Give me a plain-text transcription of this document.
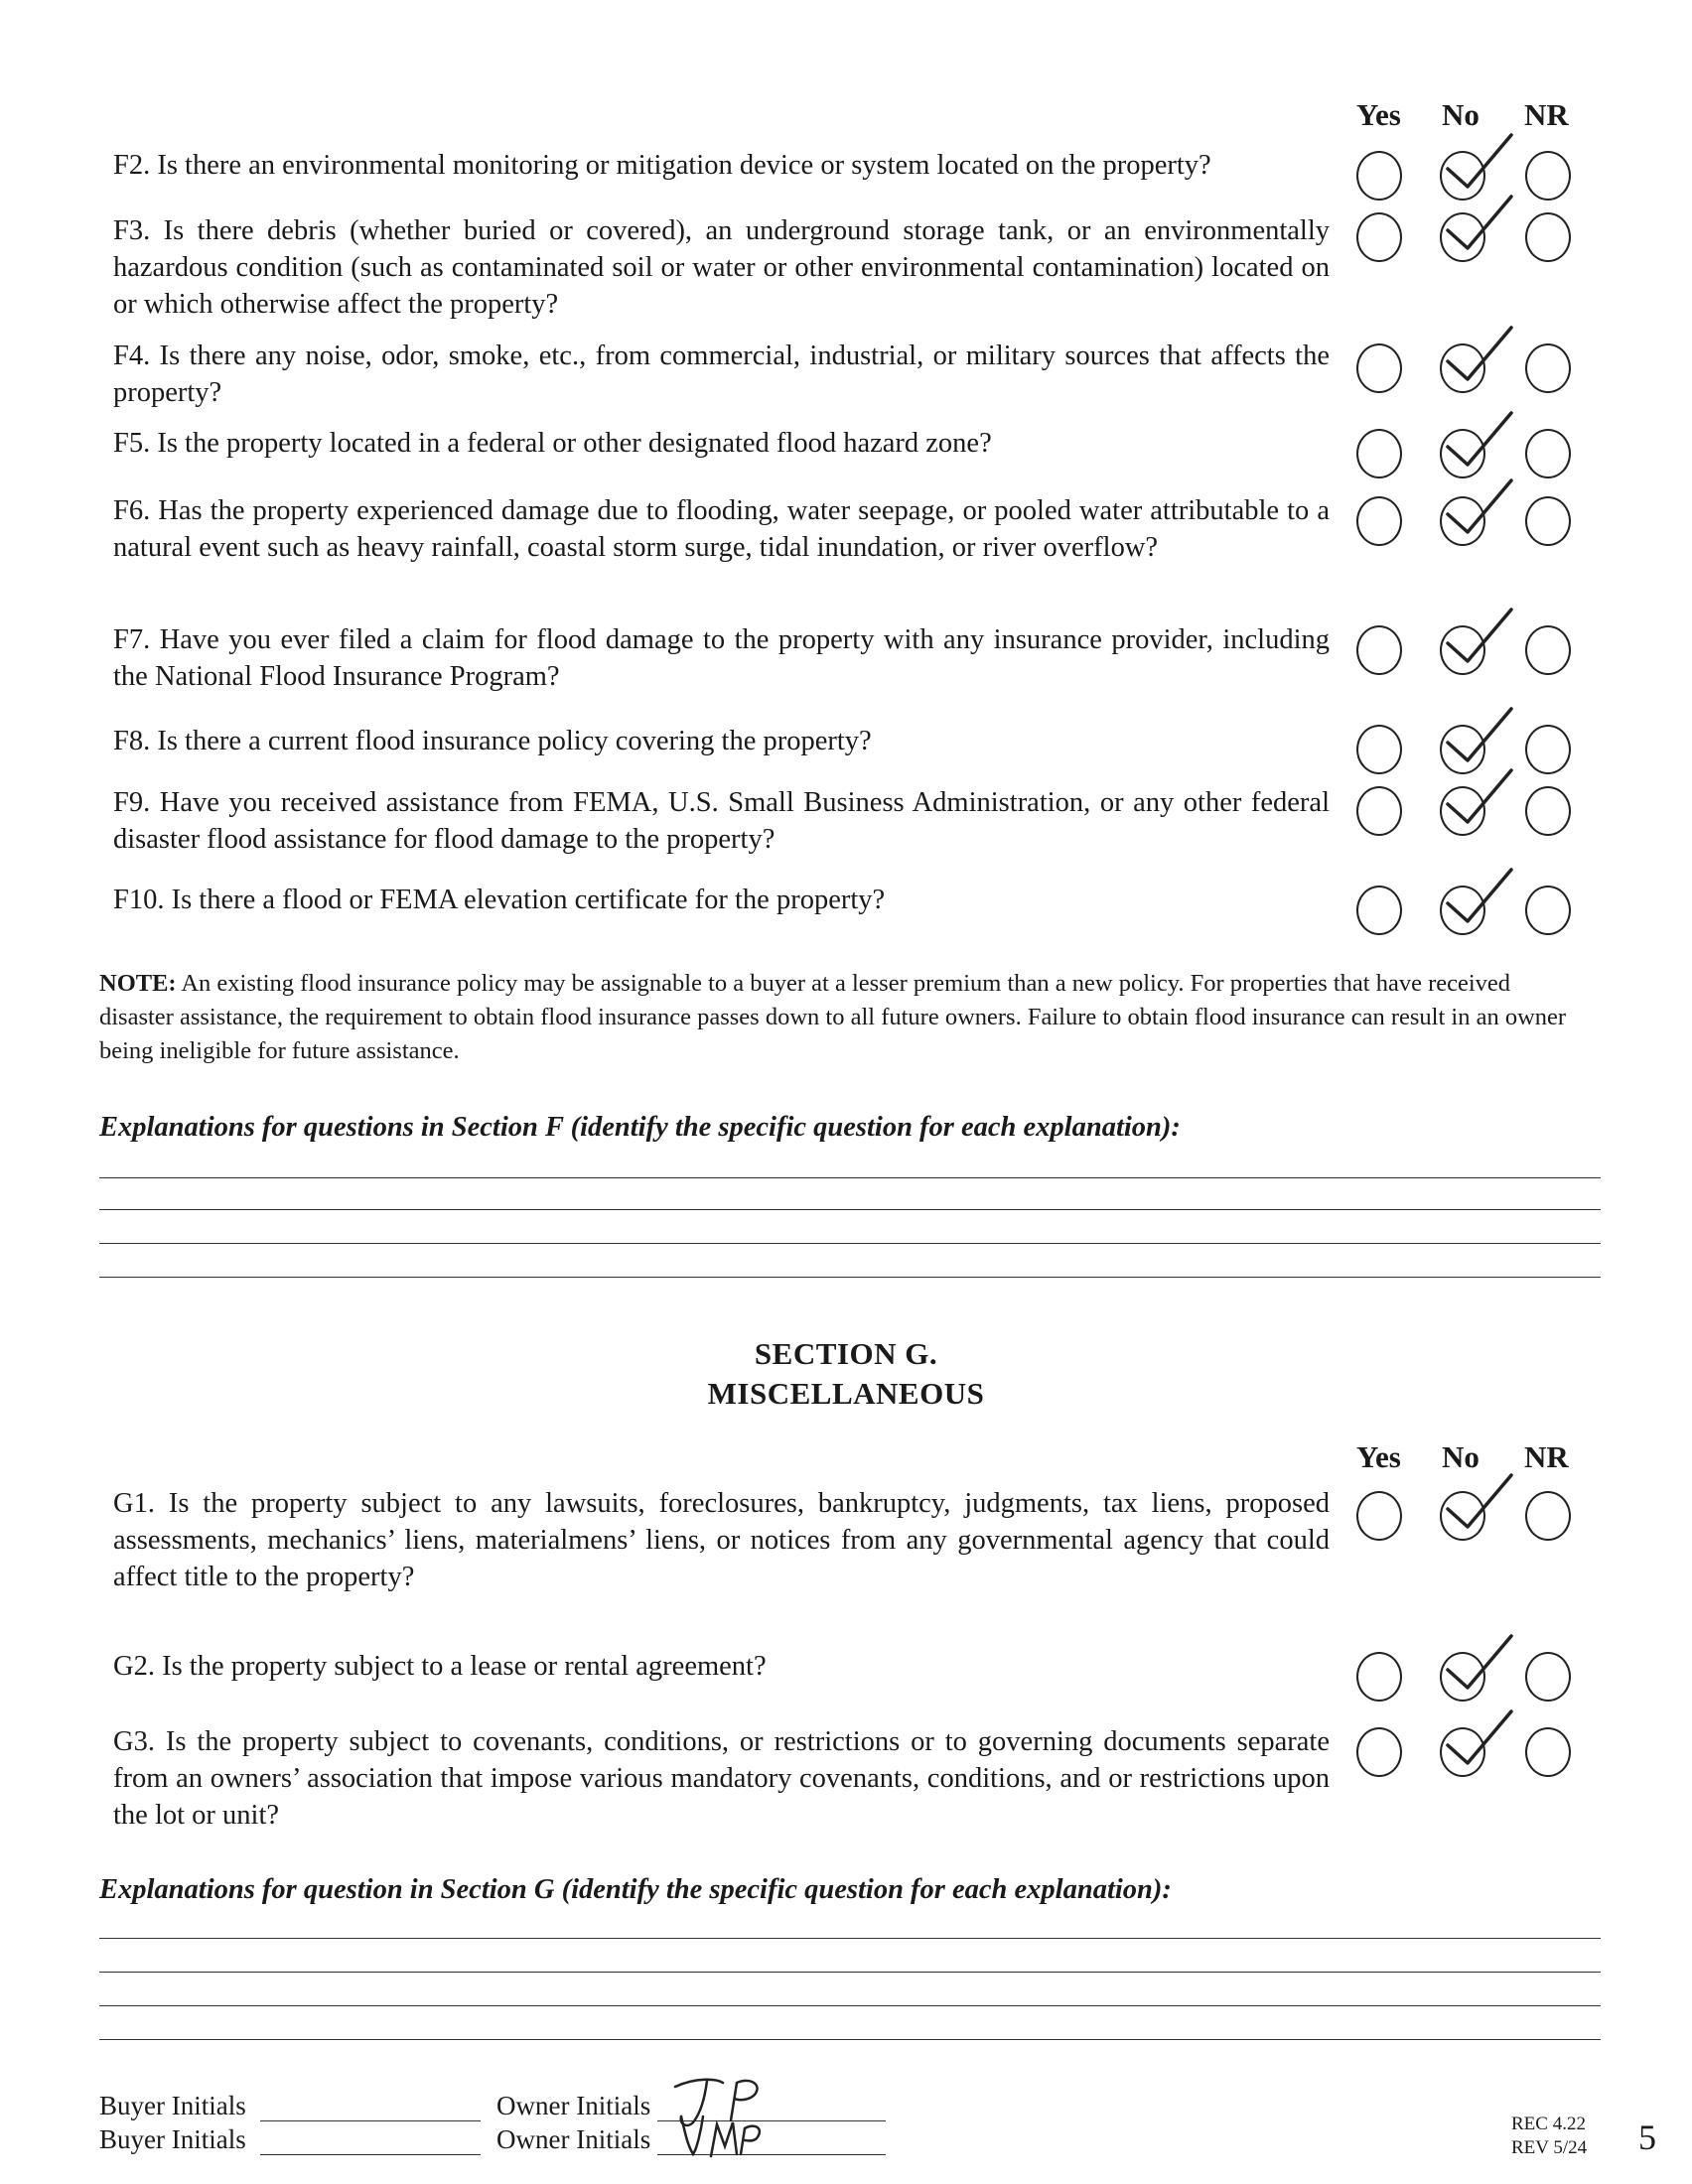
Yes No NR
F2. Is there an environmental monitoring or mitigation device or system located on the property?
F3. Is there debris (whether buried or covered), an underground storage tank, or an environmentally hazardous condition (such as contaminated soil or water or other environmental contamination) located on or which otherwise affect the property?
F4. Is there any noise, odor, smoke, etc., from commercial, industrial, or military sources that affects the property?
F5. Is the property located in a federal or other designated flood hazard zone?
F6. Has the property experienced damage due to flooding, water seepage, or pooled water attributable to a natural event such as heavy rainfall, coastal storm surge, tidal inundation, or river overflow?
F7. Have you ever filed a claim for flood damage to the property with any insurance provider, including the National Flood Insurance Program?
F8. Is there a current flood insurance policy covering the property?
F9. Have you received assistance from FEMA, U.S. Small Business Administration, or any other federal disaster flood assistance for flood damage to the property?
F10. Is there a flood or FEMA elevation certificate for the property?
NOTE: An existing flood insurance policy may be assignable to a buyer at a lesser premium than a new policy. For properties that have received disaster assistance, the requirement to obtain flood insurance passes down to all future owners. Failure to obtain flood insurance can result in an owner being ineligible for future assistance.
Explanations for questions in Section F (identify the specific question for each explanation):
SECTION G.
MISCELLANEOUS
Yes No NR
G1. Is the property subject to any lawsuits, foreclosures, bankruptcy, judgments, tax liens, proposed assessments, mechanics’ liens, materialmens’ liens, or notices from any governmental agency that could affect title to the property?
G2. Is the property subject to a lease or rental agreement?
G3. Is the property subject to covenants, conditions, or restrictions or to governing documents separate from an owners’ association that impose various mandatory covenants, conditions, and or restrictions upon the lot or unit?
Explanations for question in Section G (identify the specific question for each explanation):
Buyer Initials
Buyer Initials
Owner Initials
Owner Initials
REC 4.22
REV 5/24 5
